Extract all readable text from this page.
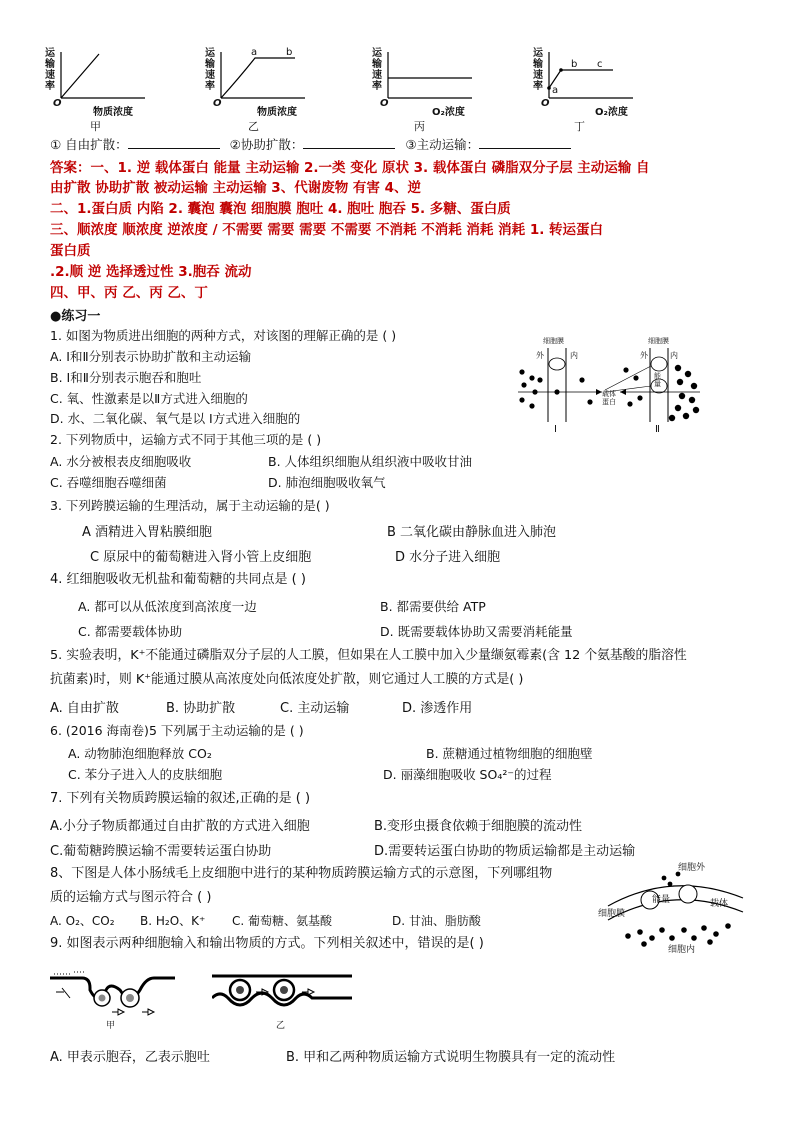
运输速率
O
物质浓度
甲
运输速率
a	b
O
物质浓度
乙
运输速率
O
O₂浓度
丙
运输速率 a
b c
O
O₂浓度
丁
① 自由扩散：	②协助扩散：	③主动运输：
答案：一、1. 逆 载体蛋白 能量 主动运输 2.一类 变化 原状 3. 载体蛋白 磷脂双分子层 主动运输 自
由扩散 协助扩散 被动运输 主动运输 3、代谢废物 有害 4、逆
二、1.蛋白质 内陷 2. 囊泡 囊泡 细胞膜 胞吐 4. 胞吐 胞吞 5. 多糖、蛋白质
三、顺浓度 顺浓度 逆浓度 / 不需要 需要 需要 不需要 不消耗 不消耗 消耗 消耗 1. 转运蛋白
蛋白质
.2.顺 逆 选择透过性 3.胞吞 流动
四、甲、丙 乙、丙 乙、丁
●练习一
1. 如图为物质进出细胞的两种方式，对该图的理解正确的是 ( )
A. Ⅰ和Ⅱ分别表示协助扩散和主动运输
B. Ⅰ和Ⅱ分别表示胞吞和胞吐
C. 氧、性激素是以Ⅱ方式进入细胞的
D. 水、二氧化碳、氧气是以 Ⅰ方式进入细胞的
细胞膜
外	内
载体蛋白
细胞膜
外	内
能量
Ⅰ	Ⅱ
2. 下列物质中，运输方式不同于其他三项的是 ( )
A. 水分被根表皮细胞吸收	B. 人体组织细胞从组织液中吸收甘油
C. 吞噬细胞吞噬细菌	D. 肺泡细胞吸收氧气
3. 下列跨膜运输的生理活动，属于主动运输的是( )
A 酒精进入胃粘膜细胞	B 二氧化碳由静脉血进入肺泡
C 原尿中的葡萄糖进入肾小管上皮细胞	D 水分子进入细胞
4. 红细胞吸收无机盐和葡萄糖的共同点是 ( )
A. 都可以从低浓度到高浓度一边	B. 都需要供给 ATP
C. 都需要载体协助	D. 既需要载体协助又需要消耗能量
5. 实验表明，K⁺不能通过磷脂双分子层的人工膜，但如果在人工膜中加入少量缬氨霉素(含 12 个氨基酸的脂溶性
抗菌素)时，则 K⁺能通过膜从高浓度处向低浓度处扩散，则它通过人工膜的方式是( )
A. 自由扩散	B. 协助扩散	C. 主动运输	D. 渗透作用
6. (2016 海南卷)5 下列属于主动运输的是 ( )
A. 动物肺泡细胞释放 CO₂	B. 蔗糖通过植物细胞的细胞壁
C. 苯分子进入人的皮肤细胞	D. 丽藻细胞吸收 SO₄²⁻的过程
7. 下列有关物质跨膜运输的叙述,正确的是 ( )
A.小分子物质都通过自由扩散的方式进入细胞	B.变形虫摄食依赖于细胞膜的流动性
C.葡萄糖跨膜运输不需要转运蛋白协助	D.需要转运蛋白协助的物质运输都是主动运输
8、下图是人体小肠绒毛上皮细胞中进行的某种物质跨膜运输方式的示意图，下列哪组物
质的运输方式与图示符合 ( )
A. O₂、CO₂ B. H₂O、K⁺ C. 葡萄糖、氨基酸	D. 甘油、脂肪酸
细胞外
能量	载体
细胞膜
细胞内
9. 如图表示两种细胞输入和输出物质的方式。下列相关叙述中，错误的是( )
甲	乙
A. 甲表示胞吞，乙表示胞吐	B. 甲和乙两种物质运输方式说明生物膜具有一定的流动性
